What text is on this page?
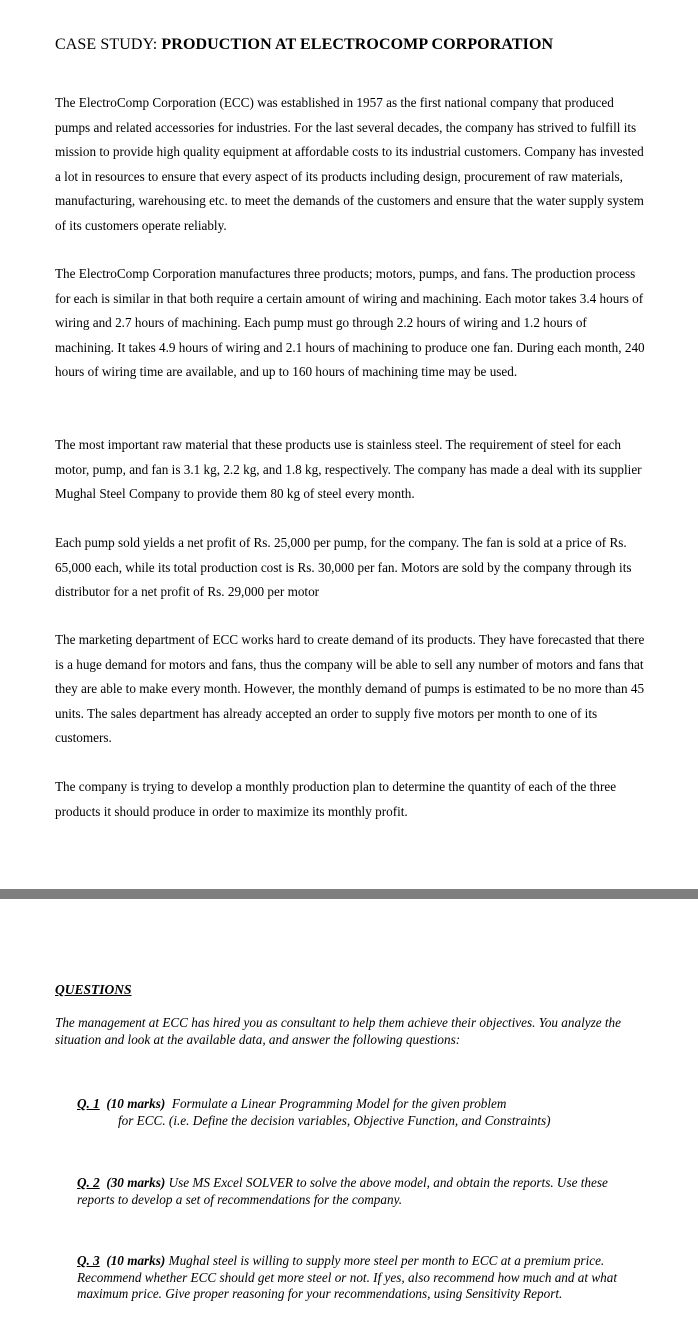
CASE STUDY: PRODUCTION AT ELECTROCOMP CORPORATION

The ElectroComp Corporation (ECC) was established in 1957 as the first national company that produced pumps and related accessories for industries. For the last several decades, the company has strived to fulfill its mission to provide high quality equipment at affordable costs to its industrial customers. Company has invested a lot in resources to ensure that every aspect of its products including design, procurement of raw materials, manufacturing, warehousing etc. to meet the demands of the customers and ensure that the water supply system of its customers operate reliably.

The ElectroComp Corporation manufactures three products; motors, pumps, and fans. The production process for each is similar in that both require a certain amount of wiring and machining. Each motor takes 3.4 hours of wiring and 2.7 hours of machining. Each pump must go through 2.2 hours of wiring and 1.2 hours of machining. It takes 4.9 hours of wiring and 2.1 hours of machining to produce one fan. During each month, 240 hours of wiring time are available, and up to 160 hours of machining time may be used.

The most important raw material that these products use is stainless steel. The requirement of steel for each motor, pump, and fan is 3.1 kg, 2.2 kg, and 1.8 kg, respectively. The company has made a deal with its supplier Mughal Steel Company to provide them 80 kg of steel every month.

Each pump sold yields a net profit of Rs. 25,000 per pump, for the company. The fan is sold at a price of Rs. 65,000 each, while its total production cost is Rs. 30,000 per fan. Motors are sold by the company through its distributor for a net profit of Rs. 29,000 per motor

The marketing department of ECC works hard to create demand of its products. They have forecasted that there is a huge demand for motors and fans, thus the company will be able to sell any number of motors and fans that they are able to make every month. However, the monthly demand of pumps is estimated to be no more than 45 units. The sales department has already accepted an order to supply five motors per month to one of its customers.

The company is trying to develop a monthly production plan to determine the quantity of each of the three products it should produce in order to maximize its monthly profit.

QUESTIONS

The management at ECC has hired you as consultant to help them achieve their objectives. You analyze the situation and look at the available data, and answer the following questions:

Q. 1 (10 marks) Formulate a Linear Programming Model for the given problem
for ECC. (i.e. Define the decision variables, Objective Function, and Constraints)

Q. 2 (30 marks) Use MS Excel SOLVER to solve the above model, and obtain the reports. Use these reports to develop a set of recommendations for the company.

Q. 3 (10 marks) Mughal steel is willing to supply more steel per month to ECC at a premium price. Recommend whether ECC should get more steel or not. If yes, also recommend how much and at what maximum price. Give proper reasoning for your recommendations, using Sensitivity Report.
